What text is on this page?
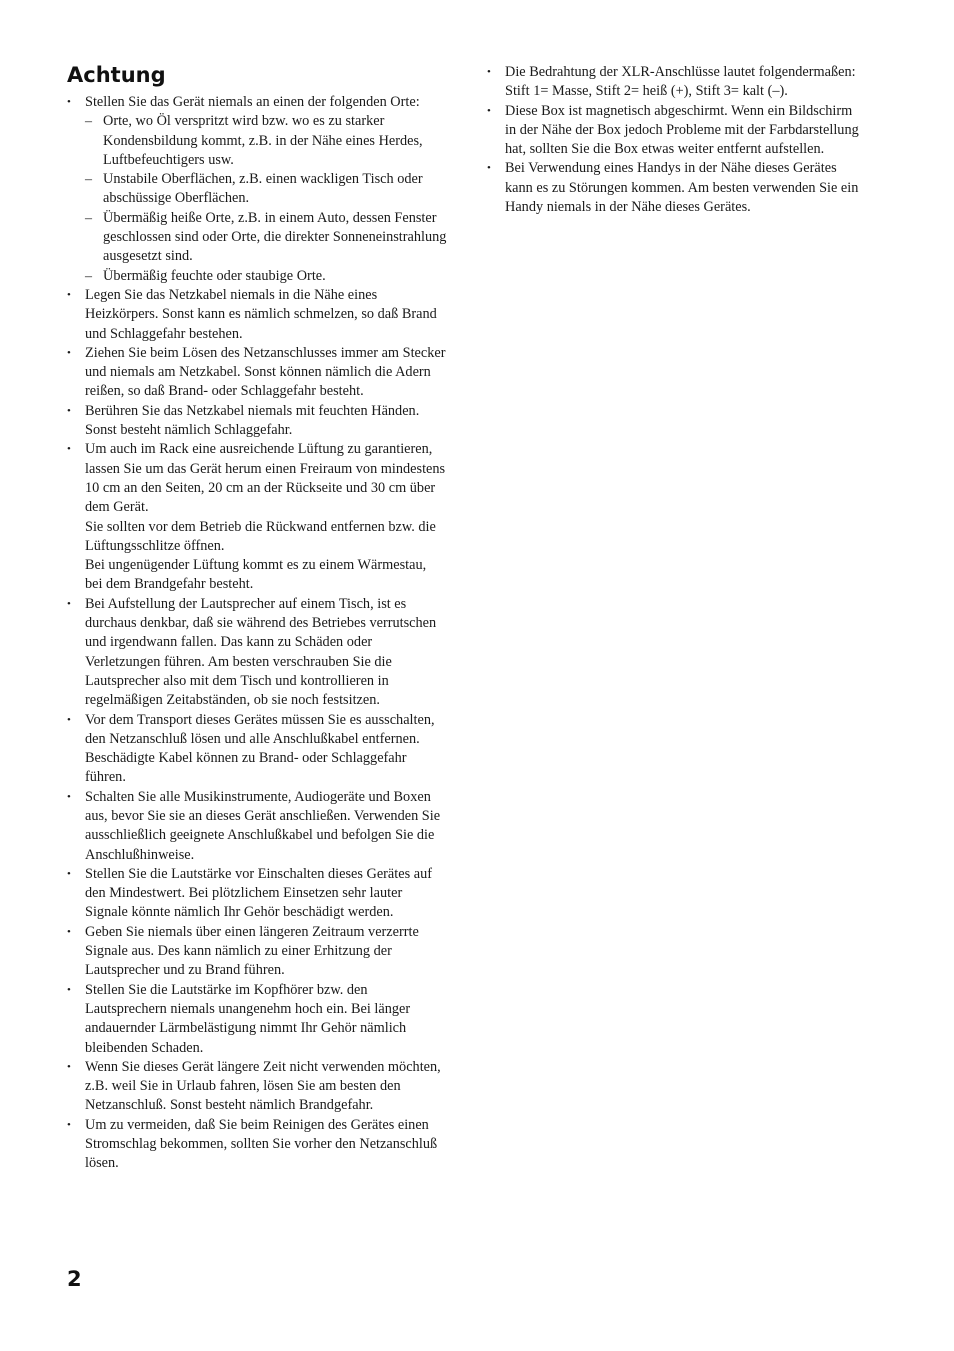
Achtung

• Stellen Sie das Gerät niemals an einen der folgenden Orte:

– Orte, wo Öl verspritzt wird bzw. wo es zu starker Kondensbildung kommt, z.B. in der Nähe eines Herdes, Luftbefeuchtigers usw.
– Unstabile Oberflächen, z.B. einen wackligen Tisch oder abschüssige Oberflächen.
– Übermäßig heiße Orte, z.B. in einem Auto, dessen Fenster geschlossen sind oder Orte, die direkter Sonneneinstrahlung ausgesetzt sind.
– Übermäßig feuchte oder staubige Orte.
• Legen Sie das Netzkabel niemals in die Nähe eines Heizkörpers. Sonst kann es nämlich schmelzen, so daß Brand und Schlaggefahr bestehen.
• Ziehen Sie beim Lösen des Netzanschlusses immer am Stecker und niemals am Netzkabel. Sonst können nämlich die Adern reißen, so daß Brand- oder Schlaggefahr besteht.
• Berühren Sie das Netzkabel niemals mit feuchten Händen. Sonst besteht nämlich Schlaggefahr.

• Um auch im Rack eine ausreichende Lüftung zu garantieren, lassen Sie um das Gerät herum einen Freiraum von mindestens 10 cm an den Seiten, 20 cm an der Rückseite und 30 cm über dem Gerät.

Sie sollten vor dem Betrieb die Rückwand entfernen bzw. die Lüftungsschlitze öffnen.

Bei ungenügender Lüftung kommt es zu einem Wärmestau, bei dem Brandgefahr besteht.

• Bei Aufstellung der Lautsprecher auf einem Tisch, ist es durchaus denkbar, daß sie während des Betriebes verrutschen und irgendwann fallen. Das kann zu Schäden oder Verletzungen führen. Am besten verschrauben Sie die Lautsprecher also mit dem Tisch und kontrollieren in regelmäßigen Zeitabständen, ob sie noch festsitzen.
• Vor dem Transport dieses Gerätes müssen Sie es ausschalten, den Netzanschluß lösen und alle Anschlußkabel entfernen. Beschädigte Kabel können zu Brand- oder Schlaggefahr führen.
• Schalten Sie alle Musikinstrumente, Audiogeräte und Boxen aus, bevor Sie sie an dieses Gerät anschließen. Verwenden Sie ausschließlich geeignete Anschlußkabel und befolgen Sie die Anschlußhinweise.
• Stellen Sie die Lautstärke vor Einschalten dieses Gerätes auf den Mindestwert. Bei plötzlichem Einsetzen sehr lauter Signale könnte nämlich Ihr Gehör beschädigt werden.
• Geben Sie niemals über einen längeren Zeitraum verzerrte Signale aus. Des kann nämlich zu einer Erhitzung der Lautsprecher und zu Brand führen.
• Stellen Sie die Lautstärke im Kopfhörer bzw. den Lautsprechern niemals unangenehm hoch ein. Bei länger andauernder Lärmbelästigung nimmt Ihr Gehör nämlich bleibenden Schaden.
• Wenn Sie dieses Gerät längere Zeit nicht verwenden möchten, z.B. weil Sie in Urlaub fahren, lösen Sie am besten den Netzanschluß. Sonst besteht nämlich Brandgefahr.
• Um zu vermeiden, daß Sie beim Reinigen des Gerätes einen Stromschlag bekommen, sollten Sie vorher den Netzanschluß lösen.

• Die Bedrahtung der XLR-Anschlüsse lautet folgendermaßen:

Stift 1= Masse, Stift 2= heiß (+), Stift 3= kalt (–).

• Diese Box ist magnetisch abgeschirmt. Wenn ein Bildschirm in der Nähe der Box jedoch Probleme mit der Farbdarstellung hat, sollten Sie die Box etwas weiter entfernt aufstellen.
• Bei Verwendung eines Handys in der Nähe dieses Gerätes kann es zu Störungen kommen. Am besten verwenden Sie ein Handy niemals in der Nähe dieses Gerätes.
2
